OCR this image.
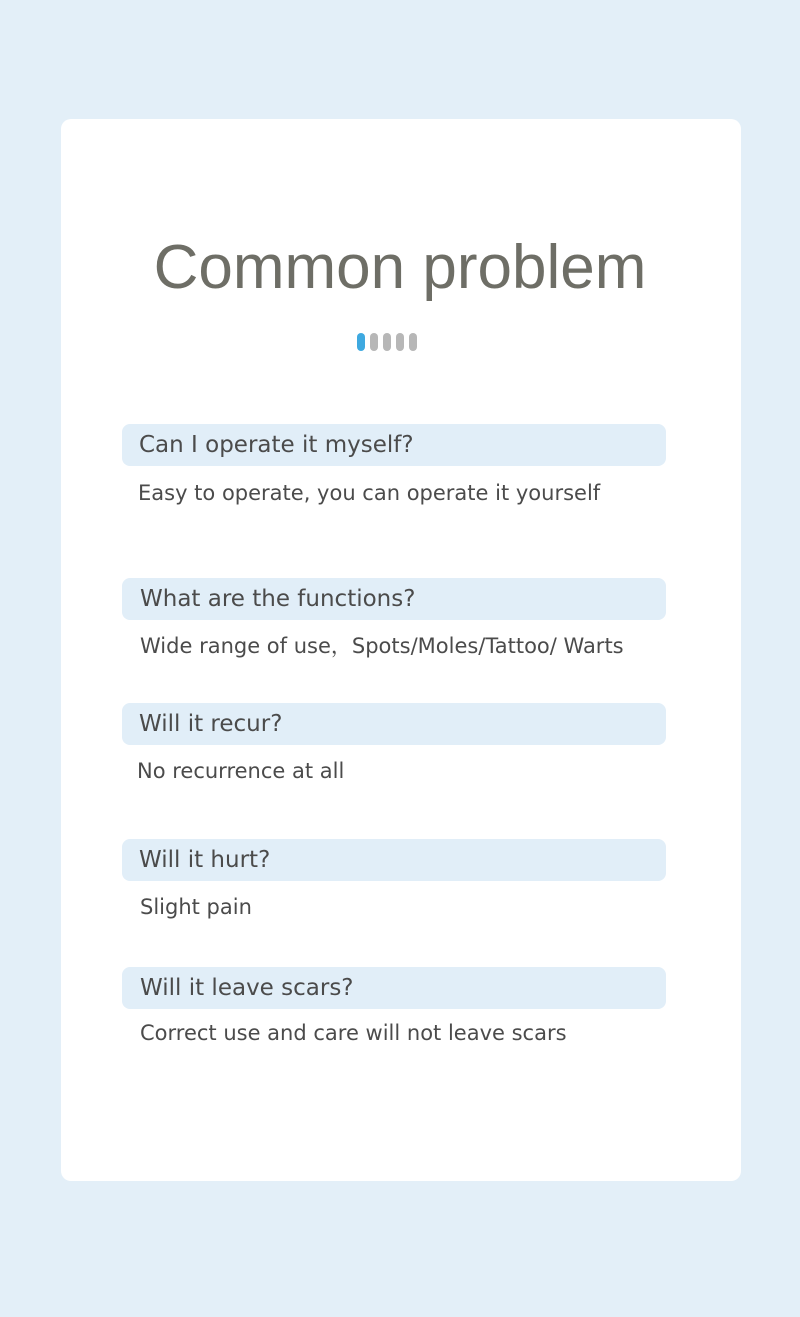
Common problem
Can I operate it myself?
Easy to operate, you can operate it yourself
What are the functions?
Wide range of use，Spots/Moles/Tattoo/ Warts
Will it recur?
No recurrence at all
Will it hurt?
Slight pain
Will it leave scars?
Correct use and care will not leave scars
